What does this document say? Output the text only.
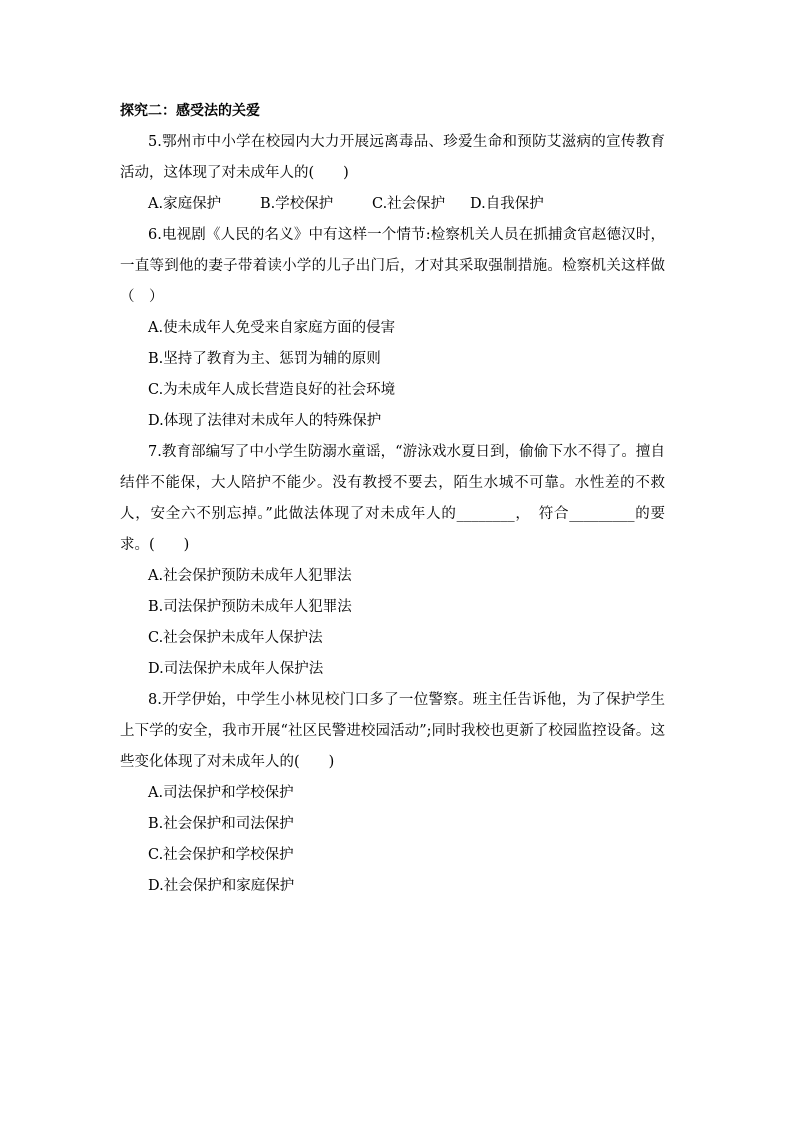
探究二：感受法的关爱

5.鄂州市中小学在校园内大力开展远离毒品、珍爱生命和预防艾滋病的宣传教育活动，这体现了对未成年人的(　　)

A.家庭保护	B.学校保护	C.社会保护 D.自我保护

6.电视剧《人民的名义》中有这样一个情节:检察机关人员在抓捕贪官赵德汉时，一直等到他的妻子带着读小学的儿子出门后，才对其采取强制措施。检察机关这样做（　）

A.使未成年人免受来自家庭方面的侵害

B.坚持了教育为主、惩罚为辅的原则

C.为未成年人成长营造良好的社会环境

D.体现了法律对未成年人的特殊保护

7.教育部编写了中小学生防溺水童谣，“游泳戏水夏日到，偷偷下水不得了。擅自结伴不能保，大人陪护不能少。没有教授不要去，陌生水城不可靠。水性差的不救人，安全六不别忘掉。”此做法体现了对未成年人的________，　符合_________的要求。(　　)

A.社会保护预防未成年人犯罪法

B.司法保护预防未成年人犯罪法

C.社会保护未成年人保护法

D.司法保护未成年人保护法

8.开学伊始，中学生小林见校门口多了一位警察。班主任告诉他，为了保护学生上下学的安全，我市开展“社区民警进校园活动”;同时我校也更新了校园监控设备。这些变化体现了对未成年人的(　　)

A.司法保护和学校保护

B.社会保护和司法保护

C.社会保护和学校保护

D.社会保护和家庭保护
